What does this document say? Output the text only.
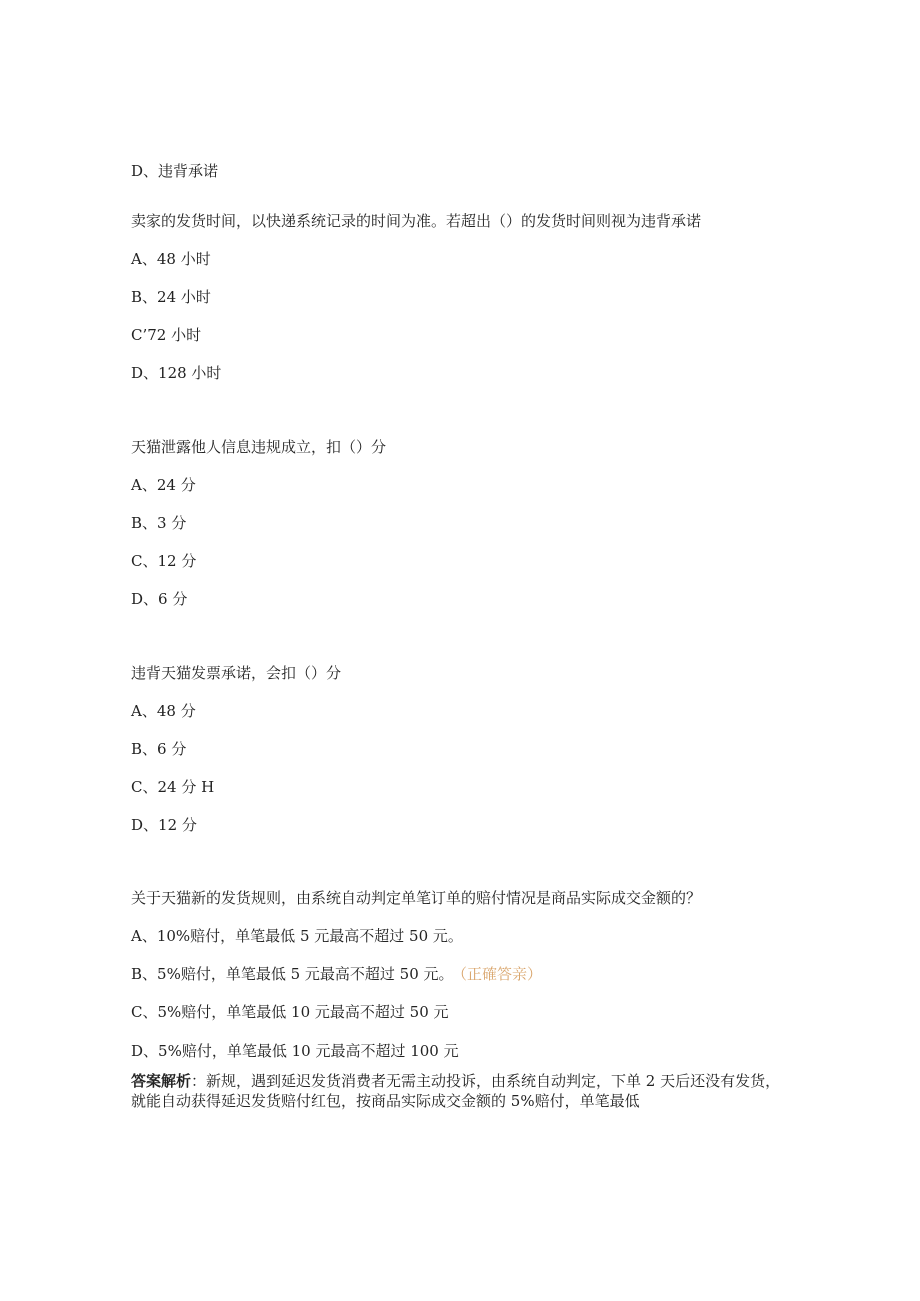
D、违背承诺
卖家的发货时间，以快递系统记录的时间为准。若超出（）的发货时间则视为违背承诺
A、48 小时
B、24 小时
C’72 小时
D、128 小时
天猫泄露他人信息违规成立，扣（）分
A、24 分
B、3 分
C、12 分
D、6 分
违背天猫发票承诺，会扣（）分
A、48 分
B、6 分
C、24 分 H
D、12 分
关于天猫新的发货规则，由系统自动判定单笔订单的赔付情况是商品实际成交金额的？
A、10%赔付，单笔最低 5 元最高不超过 50 元。
B、5%赔付，单笔最低 5 元最高不超过 50 元。 （正確答亲）
C、5%赔付，单笔最低 10 元最高不超过 50 元
D、5%赔付，单笔最低 10 元最高不超过 100 元
答案解析：新规，遇到延迟发货消费者无需主动投诉，由系统自动判定，下单 2 天后还没有发货，就能自动获得延迟发货赔付红包，按商品实际成交金额的 5%赔付，单笔最低
